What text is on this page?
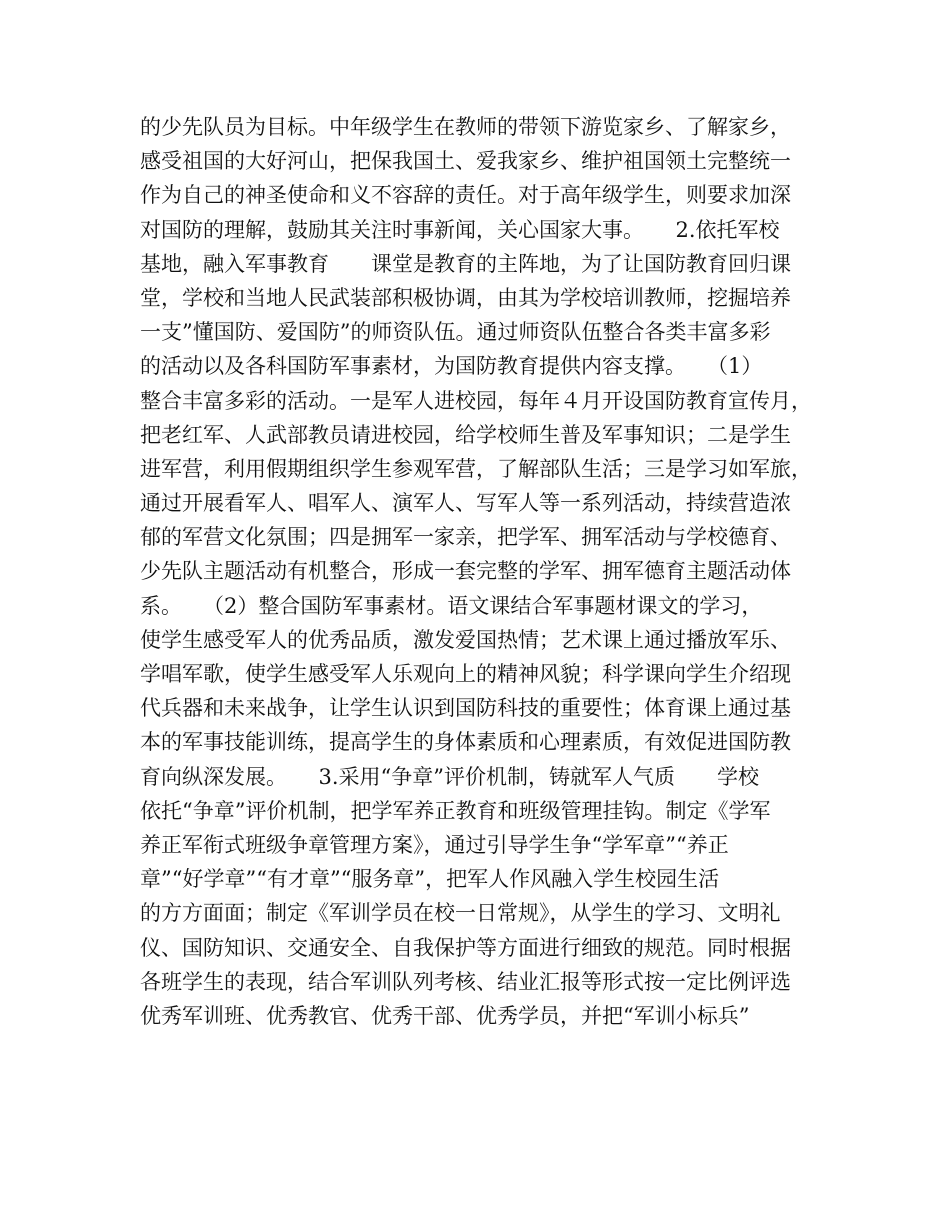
的少先队员为目标。中年级学生在教师的带领下游览家乡、了解家乡，
感受祖国的大好河山，把保我国土、爱我家乡、维护祖国领土完整统一
作为自己的神圣使命和义不容辞的责任。对于高年级学生，则要求加深
对国防的理解，鼓励其关注时事新闻，关心国家大事。　　2.依托军校
基地，融入军事教育　　课堂是教育的主阵地，为了让国防教育回归课
堂，学校和当地人民武装部积极协调，由其为学校培训教师，挖掘培养
一支”懂国防、爱国防”的师资队伍。通过师资队伍整合各类丰富多彩
的活动以及各科国防军事素材，为国防教育提供内容支撑。　　（1）
整合丰富多彩的活动。一是军人进校园，每年４月开设国防教育宣传月，
把老红军、人武部教员请进校园，给学校师生普及军事知识；二是学生
进军营，利用假期组织学生参观军营，了解部队生活；三是学习如军旅，
通过开展看军人、唱军人、演军人、写军人等一系列活动，持续营造浓
郁的军营文化氛围；四是拥军一家亲，把学军、拥军活动与学校德育、
少先队主题活动有机整合，形成一套完整的学军、拥军德育主题活动体
系。　　（2）整合国防军事素材。语文课结合军事题材课文的学习，
使学生感受军人的优秀品质，激发爱国热情；艺术课上通过播放军乐、
学唱军歌，使学生感受军人乐观向上的精神风貌；科学课向学生介绍现
代兵器和未来战争，让学生认识到国防科技的重要性；体育课上通过基
本的军事技能训练，提高学生的身体素质和心理素质，有效促进国防教
育向纵深发展。　　3.采用“争章”评价机制，铸就军人气质　　学校
依托“争章”评价机制，把学军养正教育和班级管理挂钩。制定《学军
养正军衔式班级争章管理方案》，通过引导学生争“学军章”“养正
章”“好学章”“有才章”“服务章”，把军人作风融入学生校园生活
的方方面面；制定《军训学员在校一日常规》，从学生的学习、文明礼
仪、国防知识、交通安全、自我保护等方面进行细致的规范。同时根据
各班学生的表现，结合军训队列考核、结业汇报等形式按一定比例评选
优秀军训班、优秀教官、优秀干部、优秀学员，并把“军训小标兵”
